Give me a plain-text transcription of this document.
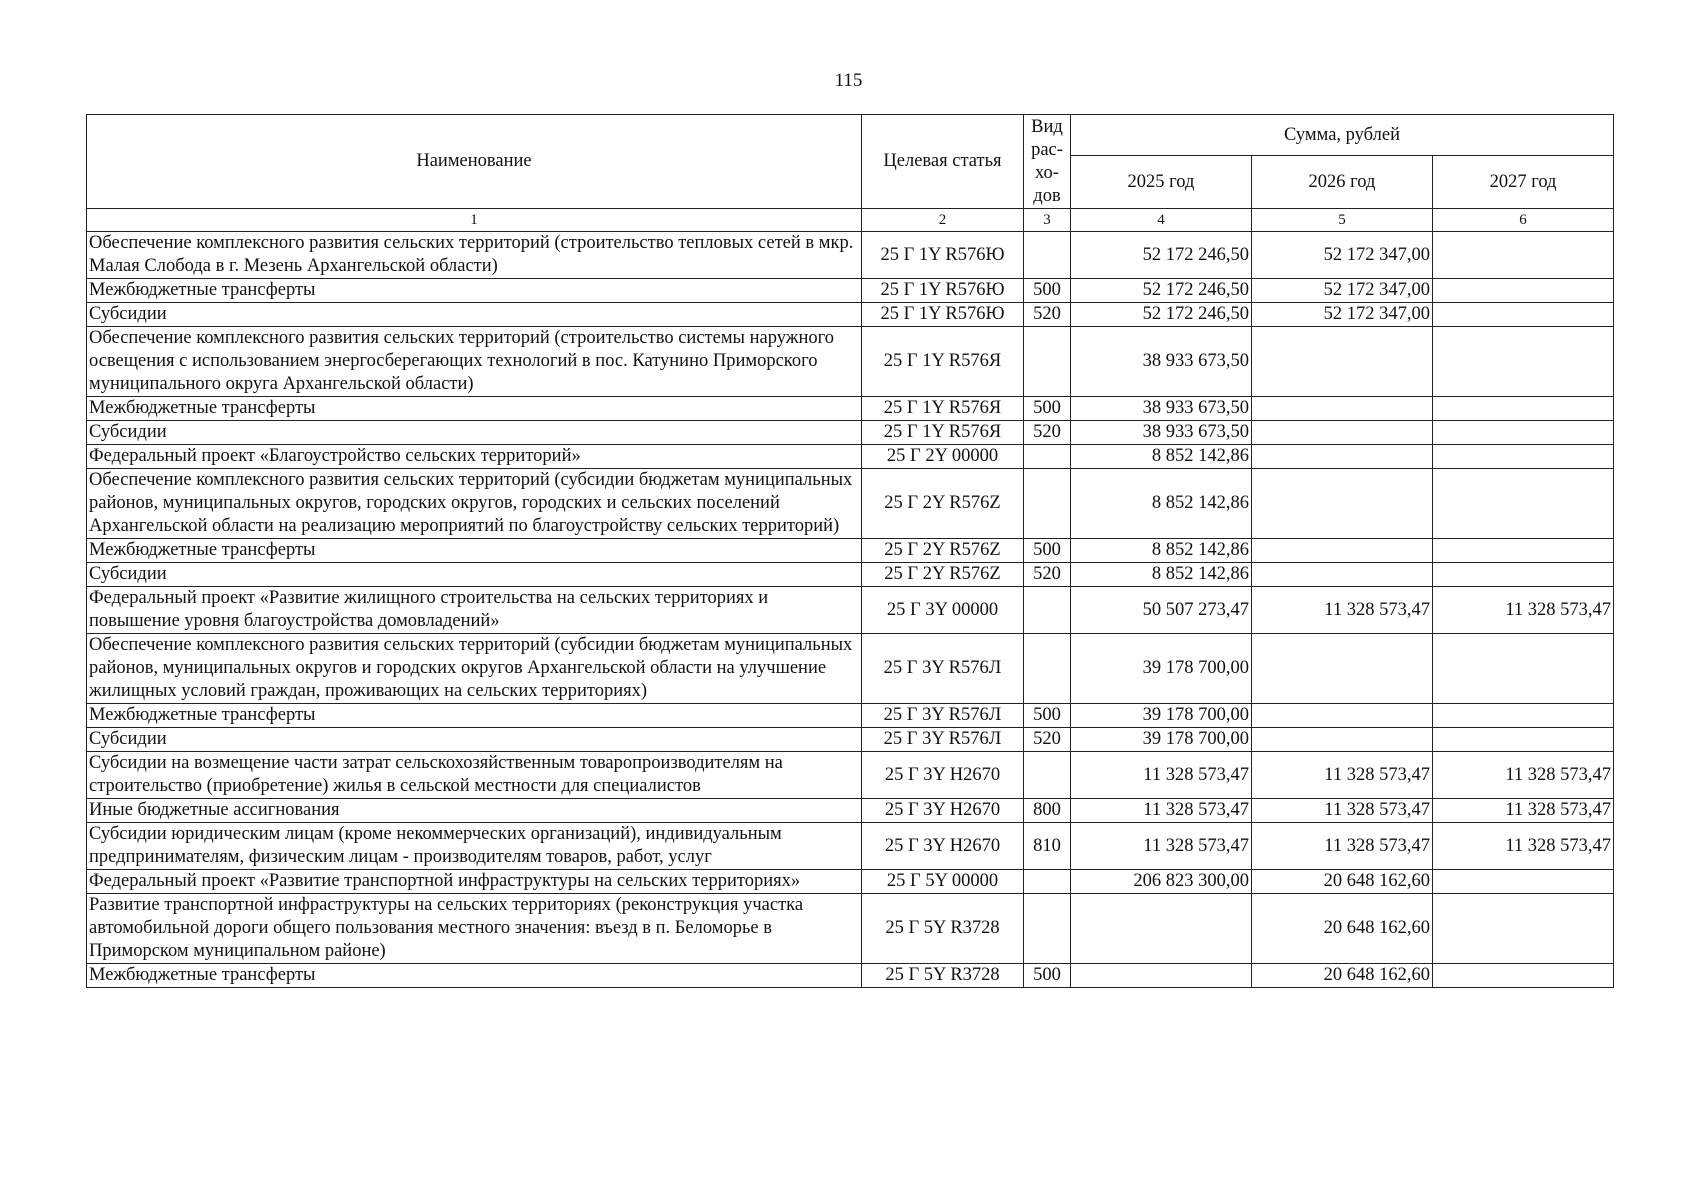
115
Наименование	Целевая статья	Вид
рас-
хо-
дов	Сумма, рублей		
			2025 год	2026 год	2027 год
1	2	3	4	5	6
Обеспечение комплексного развития сельских территорий (строительство тепловых сетей в мкр. Малая Слобода в г. Мезень Архангельской области)	25 Г 1Y R576Ю		52 172 246,50	52 172 347,00	
Межбюджетные трансферты	25 Г 1Y R576Ю	500	52 172 246,50	52 172 347,00	
Субсидии	25 Г 1Y R576Ю	520	52 172 246,50	52 172 347,00	
Обеспечение комплексного развития сельских территорий (строительство системы наружного освещения с использованием энергосберегающих технологий в пос. Катунино Приморского муниципального округа Архангельской области)	25 Г 1Y R576Я		38 933 673,50		
Межбюджетные трансферты	25 Г 1Y R576Я	500	38 933 673,50		
Субсидии	25 Г 1Y R576Я	520	38 933 673,50		
Федеральный проект «Благоустройство сельских территорий»	25 Г 2Y 00000		8 852 142,86		
Обеспечение комплексного развития сельских территорий (субсидии бюджетам муниципальных районов, муниципальных округов, городских округов, городских и сельских поселений Архангельской области на реализацию мероприятий по благоустройству сельских территорий)	25 Г 2Y R576Z		8 852 142,86		
Межбюджетные трансферты	25 Г 2Y R576Z	500	8 852 142,86		
Субсидии	25 Г 2Y R576Z	520	8 852 142,86		
Федеральный проект «Развитие жилищного строительства на сельских территориях и повышение уровня благоустройства домовладений»	25 Г 3Y 00000		50 507 273,47	11 328 573,47	11 328 573,47
Обеспечение комплексного развития сельских территорий (субсидии бюджетам муниципальных районов, муниципальных округов и городских округов Архангельской области на улучшение жилищных условий граждан, проживающих на сельских территориях)	25 Г 3Y R576Л		39 178 700,00		
Межбюджетные трансферты	25 Г 3Y R576Л	500	39 178 700,00		
Субсидии	25 Г 3Y R576Л	520	39 178 700,00		
Субсидии на возмещение части затрат сельскохозяйственным товаропроизводителям на строительство (приобретение) жилья в сельской местности для специалистов	25 Г 3Y Н2670		11 328 573,47	11 328 573,47	11 328 573,47
Иные бюджетные ассигнования	25 Г 3Y Н2670	800	11 328 573,47	11 328 573,47	11 328 573,47
Субсидии юридическим лицам (кроме некоммерческих организаций), индивидуальным предпринимателям, физическим лицам - производителям товаров, работ, услуг	25 Г 3Y Н2670	810	11 328 573,47	11 328 573,47	11 328 573,47
Федеральный проект «Развитие транспортной инфраструктуры на сельских территориях»	25 Г 5Y 00000		206 823 300,00	20 648 162,60	
Развитие транспортной инфраструктуры на сельских территориях (реконструкция участка автомобильной дороги общего пользования местного значения: въезд в п. Беломорье в Приморском муниципальном районе)	25 Г 5Y R3728			20 648 162,60	
Межбюджетные трансферты	25 Г 5Y R3728	500		20 648 162,60	
